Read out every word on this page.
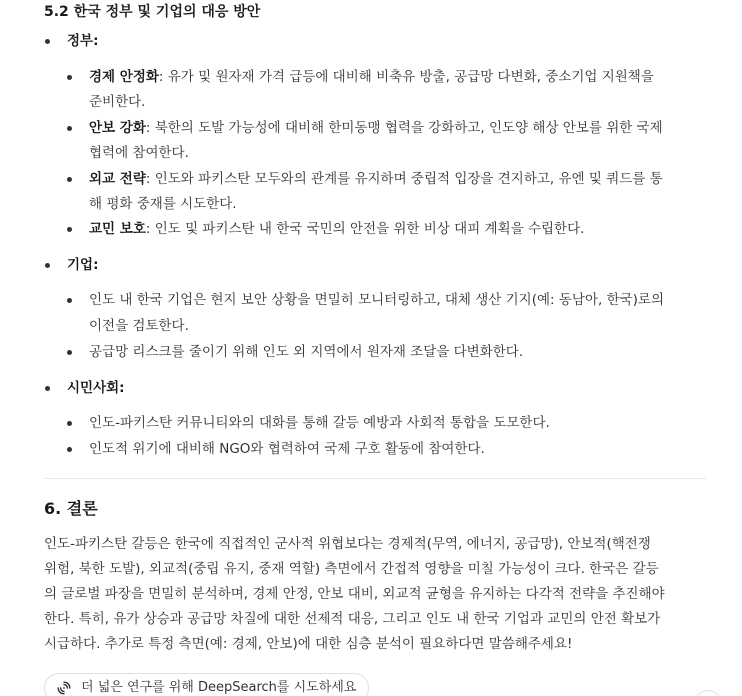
5.2 한국 정부 및 기업의 대응 방안
정부:
경제 안정화: 유가 및 원자재 가격 급등에 대비해 비축유 방출, 공급망 다변화, 중소기업 지원책을
준비한다.
안보 강화: 북한의 도발 가능성에 대비해 한미동맹 협력을 강화하고, 인도양 해상 안보를 위한 국제
협력에 참여한다.
외교 전략: 인도와 파키스탄 모두와의 관계를 유지하며 중립적 입장을 견지하고, 유엔 및 쿼드를 통
해 평화 중재를 시도한다.
교민 보호: 인도 및 파키스탄 내 한국 국민의 안전을 위한 비상 대피 계획을 수립한다.
기업:
인도 내 한국 기업은 현지 보안 상황을 면밀히 모니터링하고, 대체 생산 기지(예: 동남아, 한국)로의
이전을 검토한다.
공급망 리스크를 줄이기 위해 인도 외 지역에서 원자재 조달을 다변화한다.
시민사회:
인도-파키스탄 커뮤니티와의 대화를 통해 갈등 예방과 사회적 통합을 도모한다.
인도적 위기에 대비해 NGO와 협력하여 국제 구호 활동에 참여한다.
6. 결론
인도-파키스탄 갈등은 한국에 직접적인 군사적 위협보다는 경제적(무역, 에너지, 공급망), 안보적(핵전쟁
위험, 북한 도발), 외교적(중립 유지, 중재 역할) 측면에서 간접적 영향을 미칠 가능성이 크다. 한국은 갈등
의 글로벌 파장을 면밀히 분석하며, 경제 안정, 안보 대비, 외교적 균형을 유지하는 다각적 전략을 추진해야
한다. 특히, 유가 상승과 공급망 차질에 대한 선제적 대응, 그리고 인도 내 한국 기업과 교민의 안전 확보가
시급하다. 추가로 특정 측면(예: 경제, 안보)에 대한 심층 분석이 필요하다면 말씀해주세요!
더 넓은 연구를 위해 DeepSearch를 시도하세요
